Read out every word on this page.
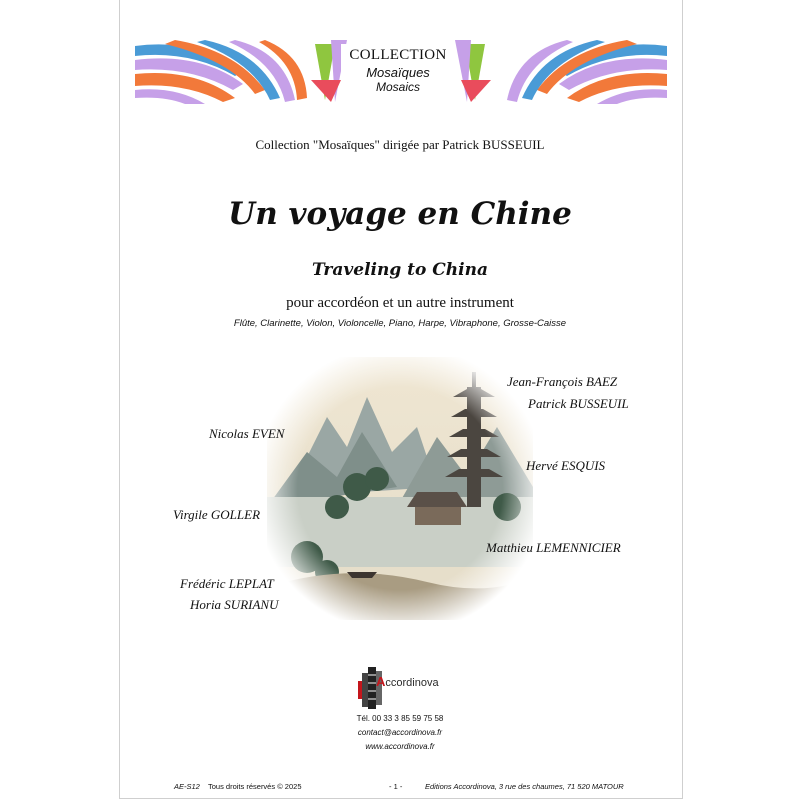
COLLECTION
Mosaïques
Mosaics
Collection "Mosaïques" dirigée par Patrick BUSSEUIL
Un voyage en Chine
Traveling to China
pour accordéon et un autre instrument
Flûte, Clarinette, Violon, Violoncelle, Piano, Harpe, Vibraphone, Grosse-Caisse
Jean-François BAEZ
Patrick BUSSEUIL
Nicolas EVEN
Hervé ESQUIS
Virgile GOLLER
Matthieu LEMENNICIER
Frédéric LEPLAT
Horia SURIANU
Accordinova
Tél. 00 33 3 85 59 75 58
contact@accordinova.fr
www.accordinova.fr
AE-S12 Tous droits réservés © 2025	- 1 -	Editions Accordinova, 3 rue des chaumes, 71 520 MATOUR
